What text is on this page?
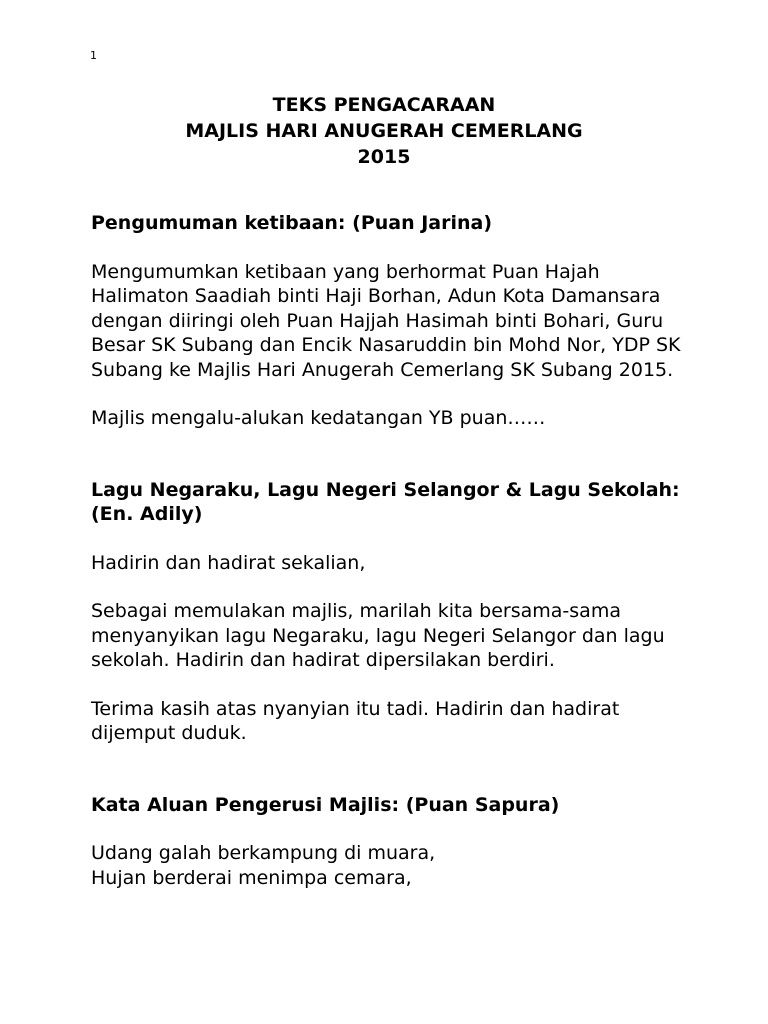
1
TEKS PENGACARAAN
MAJLIS HARI ANUGERAH CEMERLANG
2015

Pengumuman ketibaan: (Puan Jarina)

Mengumumkan ketibaan yang berhormat Puan Hajah Halimaton Saadiah binti Haji Borhan, Adun Kota Damansara dengan diiringi oleh Puan Hajjah Hasimah binti Bohari, Guru Besar SK Subang dan Encik Nasaruddin bin Mohd Nor, YDP SK Subang ke Majlis Hari Anugerah Cemerlang SK Subang 2015.

Majlis mengalu-alukan kedatangan YB puan……

Lagu Negaraku, Lagu Negeri Selangor & Lagu Sekolah: (En. Adily)

Hadirin dan hadirat sekalian,

Sebagai memulakan majlis, marilah kita bersama-sama menyanyikan lagu Negaraku, lagu Negeri Selangor dan lagu sekolah. Hadirin dan hadirat dipersilakan berdiri.

Terima kasih atas nyanyian itu tadi. Hadirin dan hadirat dijemput duduk.

Kata Aluan Pengerusi Majlis: (Puan Sapura)

Udang galah berkampung di muara,
Hujan berderai menimpa cemara,
